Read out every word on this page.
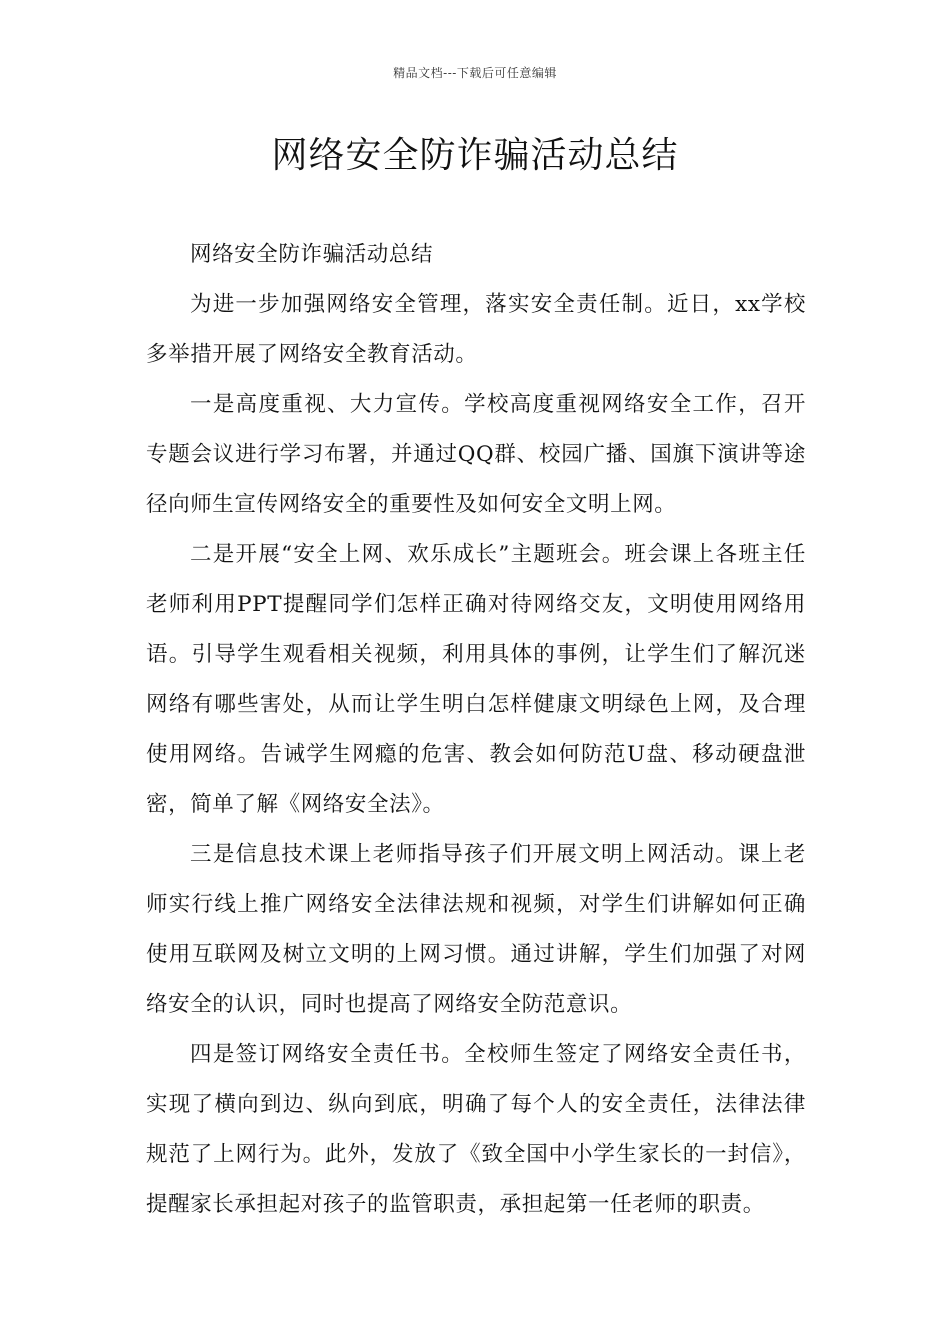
精品文档---下载后可任意编辑
网络安全防诈骗活动总结

网络安全防诈骗活动总结

为进一步加强网络安全管理，落实安全责任制。近日，xx学校多举措开展了网络安全教育活动。

一是高度重视、大力宣传。学校高度重视网络安全工作，召开专题会议进行学习布署，并通过QQ群、校园广播、国旗下演讲等途径向师生宣传网络安全的重要性及如何安全文明上网。

二是开展“安全上网、欢乐成长”主题班会。班会课上各班主任老师利用PPT提醒同学们怎样正确对待网络交友，文明使用网络用语。引导学生观看相关视频，利用具体的事例，让学生们了解沉迷网络有哪些害处，从而让学生明白怎样健康文明绿色上网，及合理使用网络。告诫学生网瘾的危害、教会如何防范U盘、移动硬盘泄密，简单了解《网络安全法》。

三是信息技术课上老师指导孩子们开展文明上网活动。课上老师实行线上推广网络安全法律法规和视频，对学生们讲解如何正确使用互联网及树立文明的上网习惯。通过讲解，学生们加强了对网络安全的认识，同时也提高了网络安全防范意识。

四是签订网络安全责任书。全校师生签定了网络安全责任书，实现了横向到边、纵向到底，明确了每个人的安全责任，法律法律规范了上网行为。此外，发放了《致全国中小学生家长的一封信》，提醒家长承担起对孩子的监管职责，承担起第一任老师的职责。
